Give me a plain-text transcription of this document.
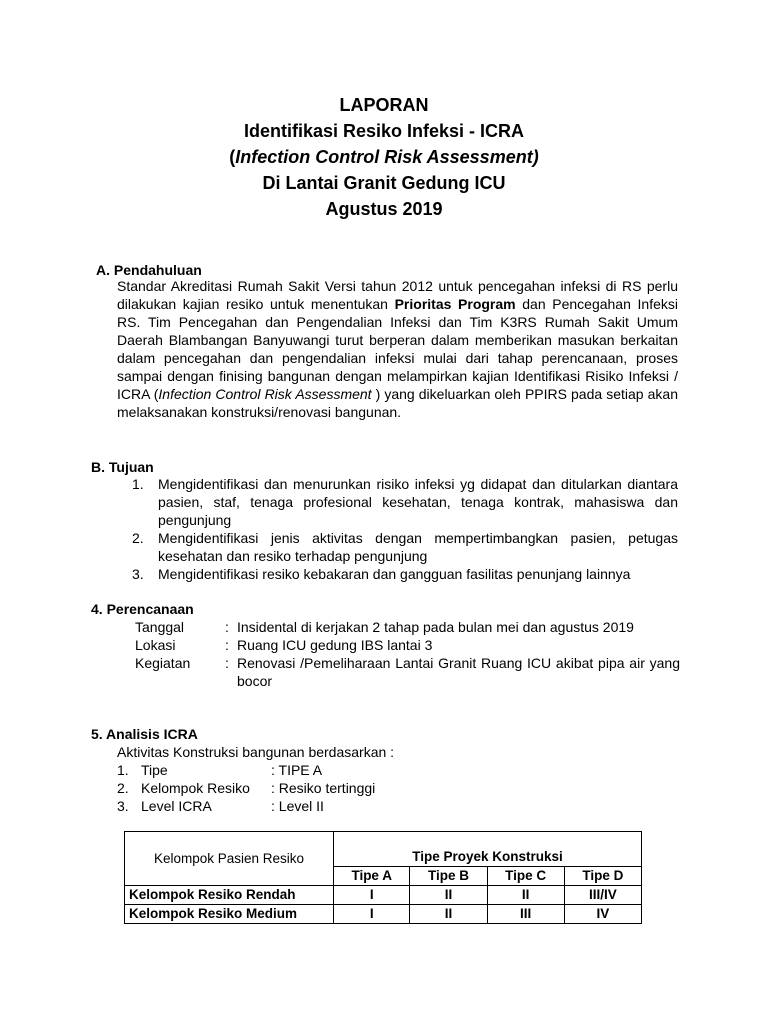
LAPORAN
Identifikasi Resiko Infeksi - ICRA
(Infection Control Risk Assessment)
Di Lantai Granit Gedung ICU
Agustus 2019
A. Pendahuluan
Standar Akreditasi Rumah Sakit Versi tahun 2012 untuk pencegahan infeksi di RS perlu dilakukan kajian resiko untuk menentukan Prioritas Program dan Pencegahan Infeksi RS. Tim Pencegahan dan Pengendalian Infeksi dan Tim K3RS Rumah Sakit Umum Daerah Blambangan Banyuwangi turut berperan dalam memberikan masukan berkaitan dalam pencegahan dan pengendalian infeksi mulai dari tahap perencanaan, proses sampai dengan finising bangunan dengan melampirkan kajian Identifikasi Risiko Infeksi / ICRA (Infection Control Risk Assessment ) yang dikeluarkan oleh PPIRS pada setiap akan melaksanakan konstruksi/renovasi bangunan.
B. Tujuan
1. Mengidentifikasi dan menurunkan risiko infeksi yg didapat dan ditularkan diantara pasien, staf, tenaga profesional kesehatan, tenaga kontrak, mahasiswa dan pengunjung
2. Mengidentifikasi jenis aktivitas dengan mempertimbangkan pasien, petugas kesehatan dan resiko terhadap pengunjung
3. Mengidentifikasi resiko kebakaran dan gangguan fasilitas penunjang lainnya
4. Perencanaan
Tanggal	: Insidental di kerjakan 2 tahap pada bulan mei dan agustus 2019
Lokasi	: Ruang ICU gedung IBS lantai 3
Kegiatan	: Renovasi /Pemeliharaan Lantai Granit Ruang ICU akibat pipa air yang bocor
5. Analisis ICRA
Aktivitas Konstruksi bangunan berdasarkan :
1. Tipe	: TIPE A
2. Kelompok Resiko	: Resiko tertinggi
3. Level ICRA	: Level II
Kelompok Pasien Resiko	Tipe Proyek Konstruksi			
	Tipe A	Tipe B	Tipe C	Tipe D
Kelompok Resiko Rendah	I	II	II	III/IV
Kelompok Resiko Medium	I	II	III	IV
